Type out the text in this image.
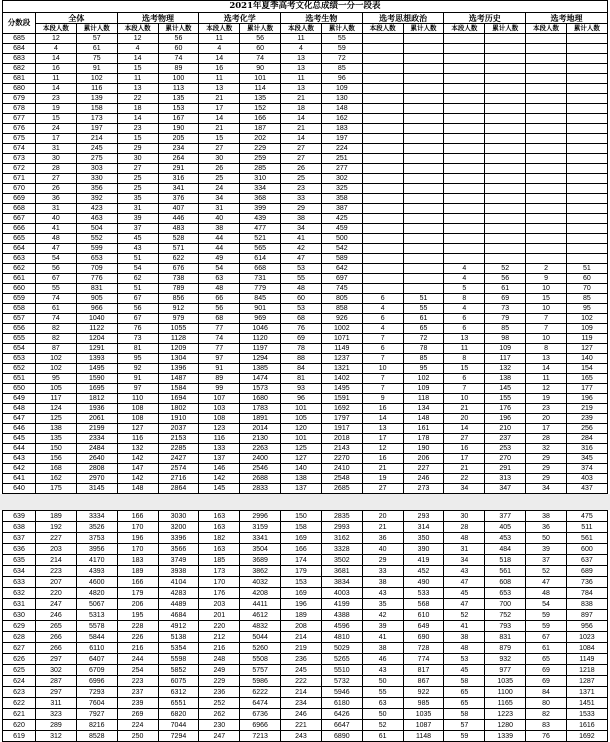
2021年夏季高考文化总成绩一分一段表														
分数段	全体		选考物理		选考化学		选考生物		选考思想政治		选考历史		选考地理	
	本段人数	累计人数	本段人数	累计人数	本段人数	累计人数	本段人数	累计人数	本段人数	累计人数	本段人数	累计人数	本段人数	累计人数
685	12	57	12	56	11	56	11	55						
684	4	61	4	60	4	60	4	59						
683	14	75	14	74	14	74	13	72						
682	16	91	15	89	16	90	13	85						
681	11	102	11	100	11	101	11	96						
680	14	116	13	113	13	114	13	109						
679	23	139	22	135	21	135	21	130						
678	19	158	18	153	17	152	18	148						
677	15	173	14	167	14	166	14	162						
676	24	197	23	190	21	187	21	183						
675	17	214	15	205	15	202	14	197						
674	31	245	29	234	27	229	27	224						
673	30	275	30	264	30	259	27	251						
672	28	303	27	291	26	285	26	277						
671	27	330	25	316	25	310	25	302						
670	26	356	25	341	24	334	23	325						
669	36	392	35	376	34	368	33	358						
668	31	423	31	407	31	399	29	387						
667	40	463	39	446	40	439	38	425						
666	41	504	37	483	38	477	34	459						
665	48	552	45	528	44	521	41	500						
664	47	599	43	571	44	565	42	542						
663	54	653	51	622	49	614	47	589						
662	56	709	54	676	54	668	53	642			4	52	2	51
661	67	776	62	738	63	731	55	697			4	56	9	60
660	55	831	51	789	48	779	48	745			5	61	10	70
659	74	905	67	856	66	845	60	805	6	51	8	69	15	85
658	61	966	56	912	56	901	53	858	4	55	4	73	10	95
657	74	1040	67	979	68	969	68	926	6	61	6	79	7	102
656	82	1122	76	1055	77	1046	76	1002	4	65	6	85	7	109
655	82	1204	73	1128	74	1120	69	1071	7	72	13	98	10	119
654	87	1291	81	1209	77	1197	78	1149	6	78	11	109	8	127
653	102	1393	95	1304	97	1294	88	1237	7	85	8	117	13	140
652	102	1495	92	1396	91	1385	84	1321	10	95	15	132	14	154
651	95	1590	91	1487	89	1474	81	1402	7	102	6	138	11	165
650	105	1695	97	1584	99	1573	93	1495	7	109	7	145	12	177
649	117	1812	110	1694	107	1680	96	1591	9	118	10	155	19	196
648	124	1936	108	1802	103	1783	101	1692	16	134	21	176	23	219
647	125	2061	108	1910	108	1891	105	1797	14	148	20	196	20	239
646	138	2199	127	2037	123	2014	120	1917	13	161	14	210	17	256
645	135	2334	116	2153	116	2130	101	2018	17	178	27	237	28	284
644	150	2484	132	2285	133	2263	125	2143	12	190	16	253	32	316
643	156	2640	142	2427	137	2400	127	2270	16	206	17	270	29	345
642	168	2808	147	2574	146	2546	140	2410	21	227	21	291	29	374
641	162	2970	142	2716	142	2688	138	2548	19	246	22	313	29	403
640	175	3145	148	2864	145	2833	137	2685	27	273	34	347	34	437
639	189	3334	166	3030	163	2996	150	2835	20	293	30	377	38	475
638	192	3526	170	3200	163	3159	158	2993	21	314	28	405	36	511
637	227	3753	196	3396	182	3341	169	3162	36	350	48	453	50	561
636	203	3956	170	3566	163	3504	166	3328	40	390	31	484	39	600
635	214	4170	183	3749	185	3689	174	3502	29	419	34	518	37	637
634	223	4393	189	3938	173	3862	179	3681	33	452	43	561	52	689
633	207	4600	166	4104	170	4032	153	3834	38	490	47	608	47	736
632	220	4820	179	4283	176	4208	169	4003	43	533	45	653	48	784
631	247	5067	206	4489	203	4411	196	4199	35	568	47	700	54	838
630	246	5313	195	4684	201	4612	189	4388	42	610	52	752	59	897
629	265	5578	228	4912	220	4832	208	4596	39	649	41	793	59	956
628	266	5844	226	5138	212	5044	214	4810	41	690	38	831	67	1023
627	266	6110	216	5354	216	5260	219	5029	38	728	48	879	61	1084
626	297	6407	244	5598	248	5508	236	5265	46	774	53	932	65	1149
625	302	6709	254	5852	249	5757	245	5510	43	817	45	977	69	1218
624	287	6996	223	6075	229	5986	222	5732	50	867	58	1035	69	1287
623	297	7293	237	6312	236	6222	214	5946	55	922	65	1100	84	1371
622	311	7604	239	6551	252	6474	234	6180	63	985	65	1165	80	1451
621	323	7927	269	6820	262	6736	246	6426	50	1035	58	1223	82	1533
620	289	8216	224	7044	230	6966	221	6647	52	1087	57	1280	83	1616
619	312	8528	250	7294	247	7213	243	6890	61	1148	59	1339	76	1692
